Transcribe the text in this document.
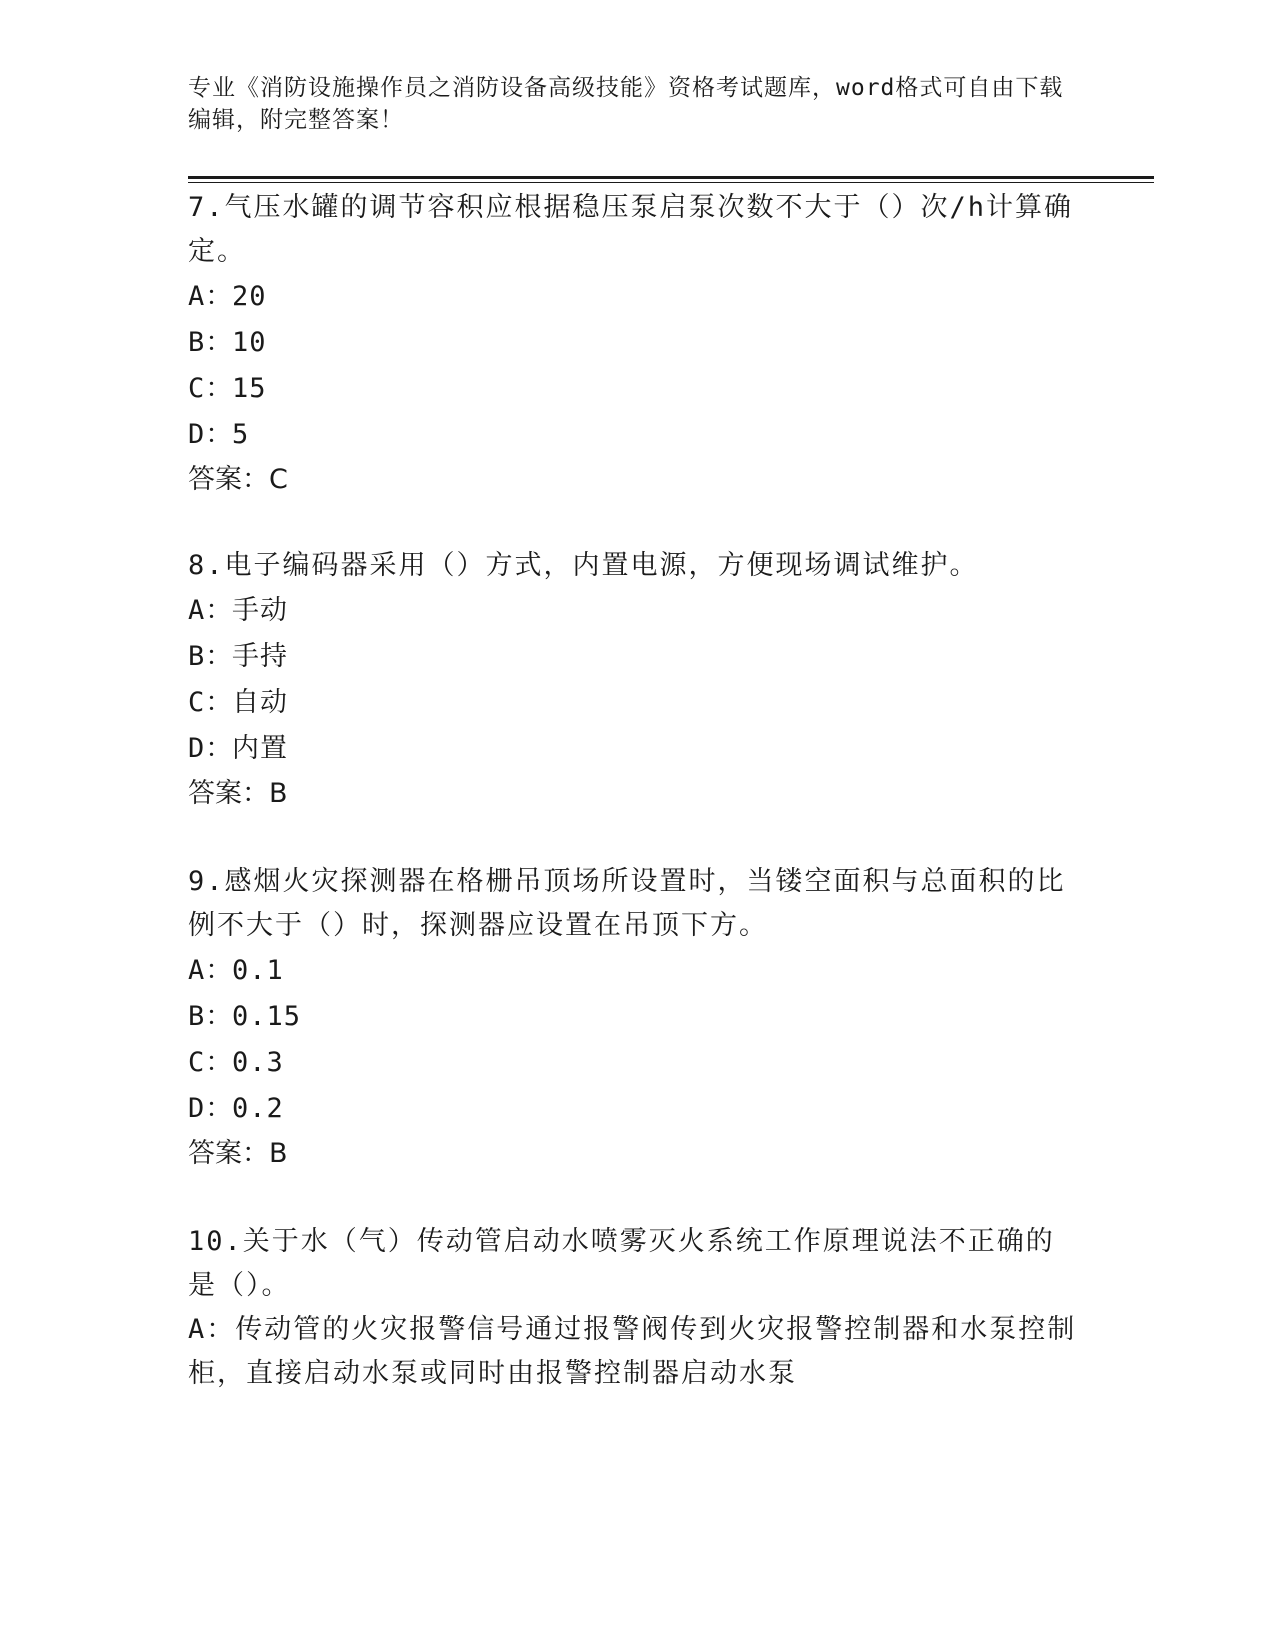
专业《消防设施操作员之消防设备高级技能》资格考试题库，word格式可自由下载编辑，附完整答案！
7.气压水罐的调节容积应根据稳压泵启泵次数不大于（）次/h计算确定。
A：20
B：10
C：15
D：5
答案：C
8.电子编码器采用（）方式，内置电源，方便现场调试维护。
A：手动
B：手持
C：自动
D：内置
答案：B
9.感烟火灾探测器在格栅吊顶场所设置时，当镂空面积与总面积的比例不大于（）时，探测器应设置在吊顶下方。
A：0.1
B：0.15
C：0.3
D：0.2
答案：B
10.关于水（气）传动管启动水喷雾灭火系统工作原理说法不正确的是（）。
A：传动管的火灾报警信号通过报警阀传到火灾报警控制器和水泵控制柜，直接启动水泵或同时由报警控制器启动水泵
